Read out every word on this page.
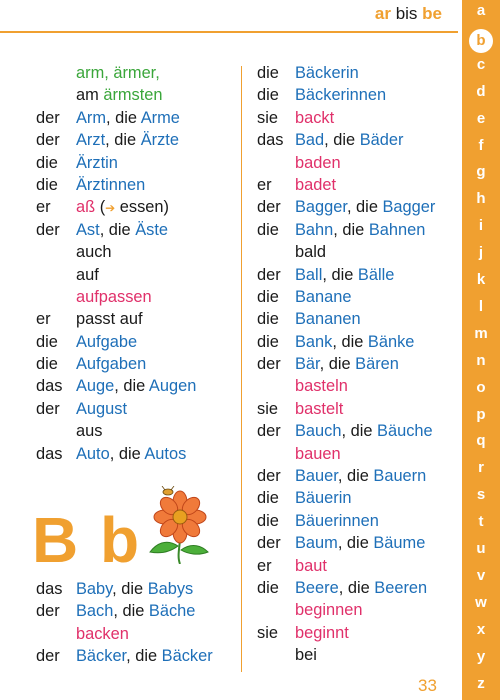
ar bis be
arm, ärmer,
am ärmsten
der Arm, die Arme
der Arzt, die Ärzte
die Ärztin
die Ärztinnen
er aß (➔ essen)
der Ast, die Äste
auch
auf
aufpassen
er passt auf
die Aufgabe
die Aufgaben
das Auge, die Augen
der August
aus
das Auto, die Autos
B b
das Baby, die Babys
der Bach, die Bäche
backen
der Bäcker, die Bäcker
die Bäckerin
die Bäckerinnen
sie backt
das Bad, die Bäder
baden
er badet
der Bagger, die Bagger
die Bahn, die Bahnen
bald
der Ball, die Bälle
die Banane
die Bananen
die Bank, die Bänke
der Bär, die Bären
basteln
sie bastelt
der Bauch, die Bäuche
bauen
der Bauer, die Bauern
die Bäuerin
die Bäuerinnen
der Baum, die Bäume
er baut
die Beere, die Beeren
beginnen
sie beginnt
bei
a
b
c
d
e
f
g
h
i
j
k
l
m
n
o
p
q
r
s
t
u
v
w
x
y
z
33
